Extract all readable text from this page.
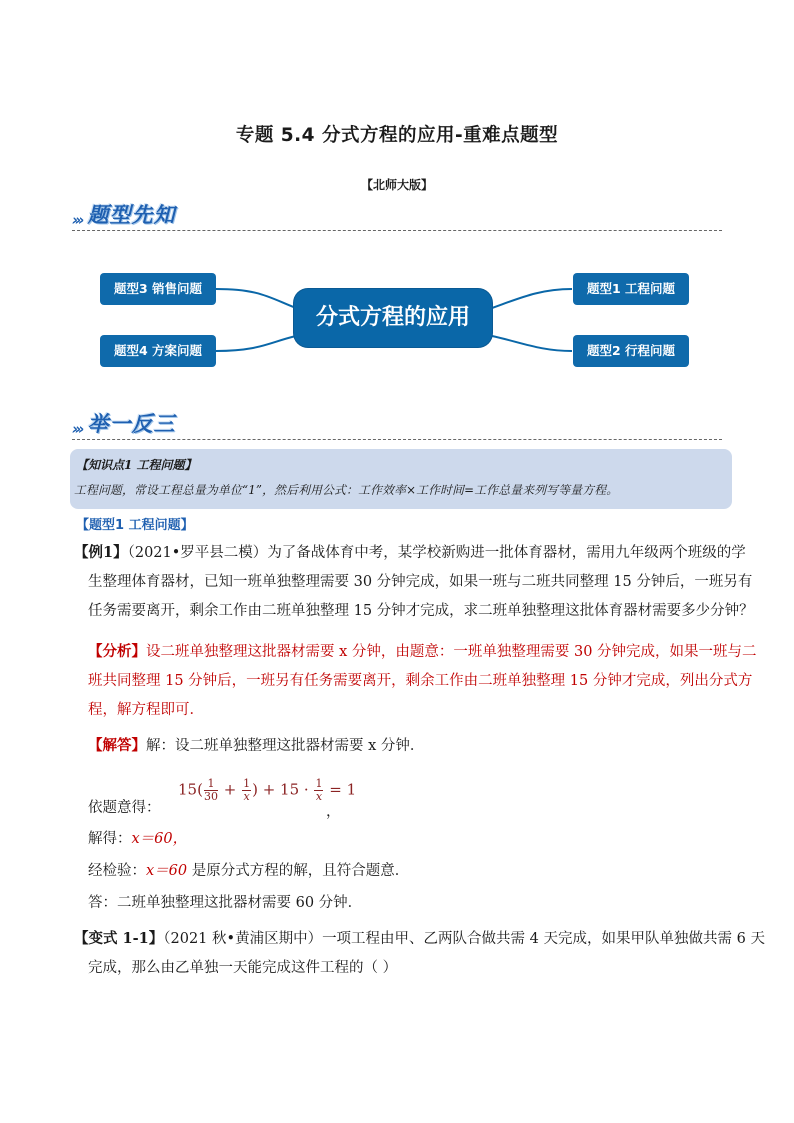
专题 5.4 分式方程的应用-重难点题型
【北师大版】
››› 题型先知
题型3 销售问题
题型4 方案问题
题型1 工程问题
题型2 行程问题
分式方程的应用
››› 举一反三
【知识点1 工程问题】
工程问题，常设工程总量为单位“1”，然后利用公式：工作效率×工作时间=工作总量来列写等量方程。
【题型1 工程问题】
【例1】（2021•罗平县二模）为了备战体育中考，某学校新购进一批体育器材，需用九年级两个班级的学
生整理体育器材，已知一班单独整理需要 30 分钟完成，如果一班与二班共同整理 15 分钟后，一班另有
任务需要离开，剩余工作由二班单独整理 15 分钟才完成，求二班单独整理这批体育器材需要多少分钟？
【分析】设二班单独整理这批器材需要 x 分钟，由题意：一班单独整理需要 30 分钟完成，如果一班与二
班共同整理 15 分钟后，一班另有任务需要离开，剩余工作由二班单独整理 15 分钟才完成，列出分式方
程，解方程即可．
【解答】解：设二班单独整理这批器材需要 x 分钟．
依题意得：
$15( \frac{1}{30} + \frac{1}{x}$ ) + $15 \cdot \frac{1}{x} = 1$
，
解得：x＝60，
经检验：x＝60 是原分式方程的解，且符合题意．
答：二班单独整理这批器材需要 60 分钟．
【变式 1-1】（2021 秋•黄浦区期中）一项工程由甲、乙两队合做共需 4 天完成，如果甲队单独做共需 6 天
完成，那么由乙单独一天能完成这件工程的（ ）
